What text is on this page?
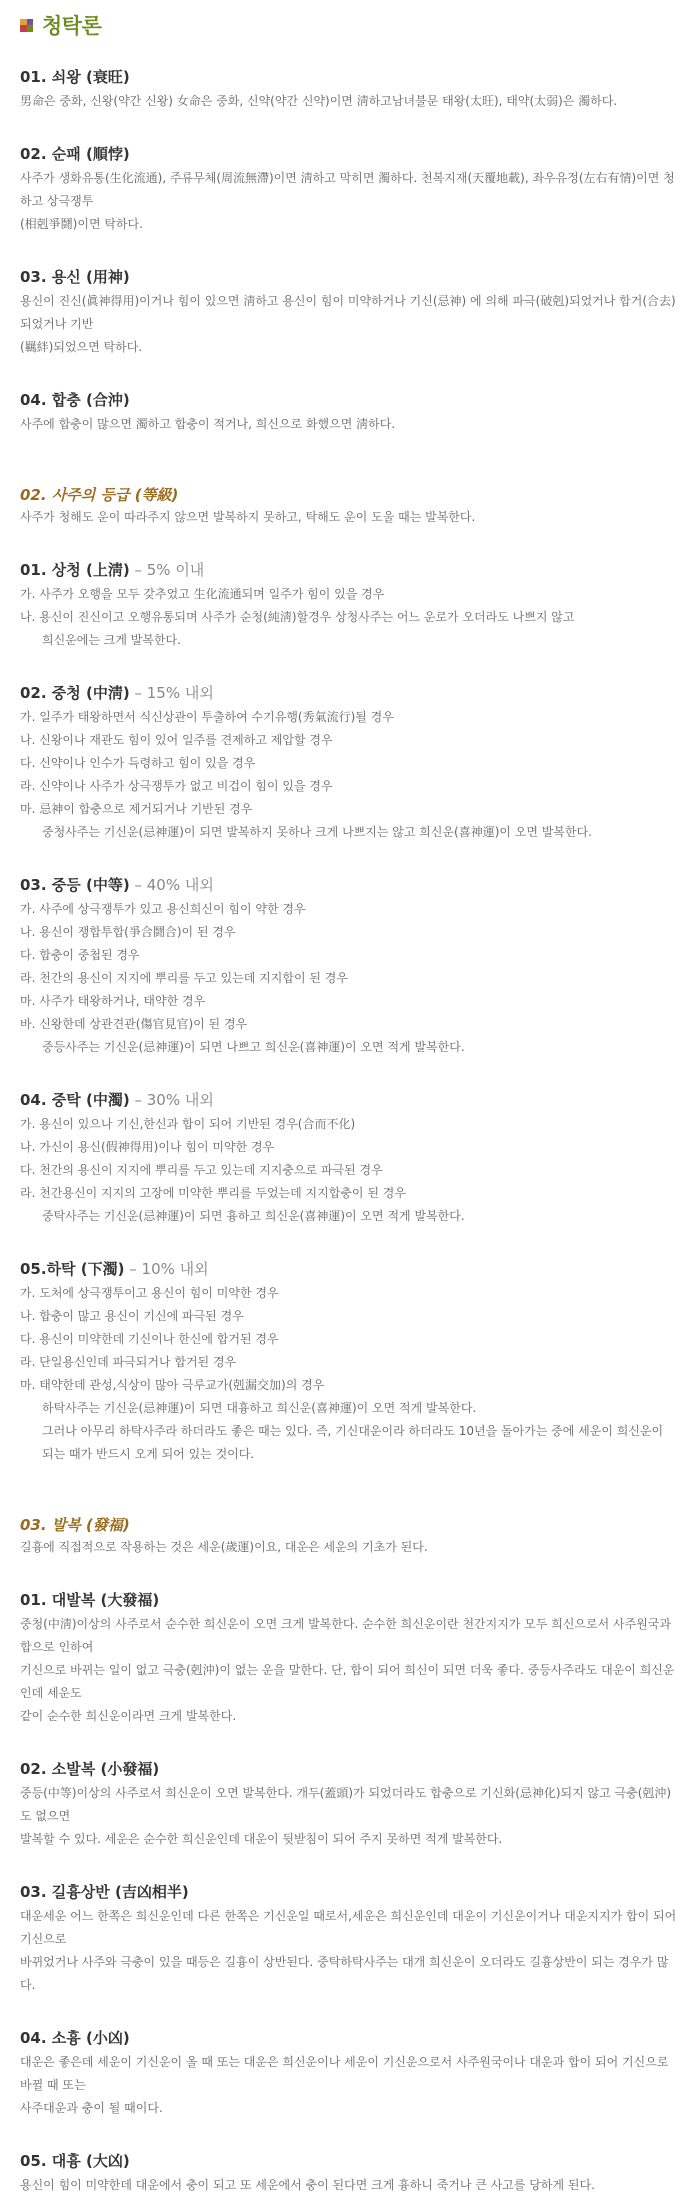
청탁론
01. 쇠왕 (衰旺)

男命은 중화, 신왕(약간 신왕) 女命은 중화, 신약(약간 신약)이면 淸하고남녀불문 태왕(太旺), 태약(太弱)은 濁하다.

02. 순패 (順悖)

사주가 생화유통(生化流通), 주류무체(周流無滯)이면 淸하고 막히면 濁하다. 천복지재(天覆地載), 좌우유정(左右有情)이면 청하고 상극쟁투

(相剋爭鬪)이면 탁하다.

03. 용신 (用神)

용신이 진신(眞神得用)이거나 힘이 있으면 淸하고 용신이 힘이 미약하거나 기신(忌神) 에 의해 파극(破剋)되었거나 합거(合去)되었거나 기반

(羈絆)되었으면 탁하다.

04. 합충 (合沖)

사주에 합충이 많으면 濁하고 합충이 적거나, 희신으로 화했으면 淸하다.

02. 사주의 등급 (等級)

사주가 청해도 운이 따라주지 않으면 발복하지 못하고, 탁해도 운이 도울 때는 발복한다.

01. 상청 (上淸) – 5% 이내

가. 사주가 오행을 모두 갖추었고 生化流通되며 일주가 힘이 있을 경우

나. 용신이 진신이고 오행유통되며 사주가 순청(純淸)할경우 상청사주는 어느 운로가 오더라도 나쁘지 않고

희신운에는 크게 발복한다.

02. 중청 (中淸) – 15% 내외

가. 일주가 태왕하면서 식신상관이 투출하여 수기유행(秀氣流行)될 경우

나. 신왕이나 재관도 힘이 있어 일주를 견제하고 제압할 경우

다. 신약이나 인수가 득령하고 힘이 있을 경우

라. 신약이나 사주가 상극쟁투가 없고 비겁이 힘이 있을 경우

마. 忌神이 합충으로 제거되거나 기반된 경우

중청사주는 기신운(忌神運)이 되면 발복하지 못하나 크게 나쁘지는 않고 희신운(喜神運)이 오면 발복한다.

03. 중등 (中等) – 40% 내외

가. 사주에 상극쟁투가 있고 용신희신이 힘이 약한 경우

나. 용신이 쟁합투합(爭合鬪合)이 된 경우

다. 합충이 중첩된 경우

라. 천간의 용신이 지지에 뿌리를 두고 있는데 지지합이 된 경우

마. 사주가 태왕하거나, 태약한 경우

바. 신왕한데 상관견관(傷官見官)이 된 경우

중등사주는 기신운(忌神運)이 되면 나쁘고 희신운(喜神運)이 오면 적게 발복한다.

04. 중탁 (中濁) – 30% 내외

가. 용신이 있으나 기신,한신과 합이 되어 기반된 경우(合而不化)

나. 가신이 용신(假神得用)이나 힘이 미약한 경우

다. 천간의 용신이 지지에 뿌리를 두고 있는데 지지충으로 파극된 경우

라. 천간용신이 지지의 고장에 미약한 뿌리를 두었는데 지지합충이 된 경우

중탁사주는 기신운(忌神運)이 되면 흉하고 희신운(喜神運)이 오면 적게 발복한다.

05.하탁 (下濁) – 10% 내외

가. 도처에 상극쟁투이고 용신이 힘이 미약한 경우

나. 합충이 많고 용신이 기신에 파극된 경우

다. 용신이 미약한데 기신이나 한신에 합거된 경우

라. 단일용신인데 파극되거나 합거된 경우

마. 태약한데 관성,식상이 많아 극루교가(剋漏交加)의 경우

하탁사주는 기신운(忌神運)이 되면 대흉하고 희신운(喜神運)이 오면 적게 발복한다.

그러나 아무리 하탁사주라 하더라도 좋은 때는 있다. 즉, 기신대운이라 하더라도 10년을 돌아가는 중에 세운이 희신운이

되는 때가 반드시 오게 되어 있는 것이다.

03. 발복 (發福)

길흉에 직접적으로 작용하는 것은 세운(歲運)이요, 대운은 세운의 기초가 된다.

01. 대발복 (大發福)

중청(中淸)이상의 사주로서 순수한 희신운이 오면 크게 발복한다. 순수한 희신운이란 천간지지가 모두 희신으로서 사주원국과 합으로 인하여

기신으로 바뀌는 일이 없고 극충(剋沖)이 없는 운을 말한다. 단, 합이 되어 희신이 되면 더욱 좋다. 중등사주라도 대운이 희신운인데 세운도

같이 순수한 희신운이라면 크게 발복한다.

02. 소발복 (小發福)

중등(中等)이상의 사주로서 희신운이 오면 발복한다. 개두(蓋頭)가 되었더라도 합충으로 기신화(忌神化)되지 않고 극충(剋沖)도 없으면

발복할 수 있다. 세운은 순수한 희신운인데 대운이 뒷받침이 되어 주지 못하면 적게 발복한다.

03. 길흉상반 (吉凶相半)

대운세운 어느 한쪽은 희신운인데 다른 한쪽은 기신운일 때로서,세운은 희신운인데 대운이 기신운이거나 대운지지가 합이 되어 기신으로

바뀌었거나 사주와 극충이 있을 때등은 길흉이 상반된다. 중탁하탁사주는 대개 희신운이 오더라도 길흉상반이 되는 경우가 많다.

04. 소흉 (小凶)

대운은 좋은데 세운이 기신운이 올 때 또는 대운은 희신운이나 세운이 기신운으로서 사주원국이나 대운과 합이 되어 기신으로 바뀔 때 또는

사주대운과 충이 될 때이다.

05. 대흉 (大凶)

용신이 힘이 미약한데 대운에서 충이 되고 또 세운에서 충이 된다면 크게 흉하니 죽거나 큰 사고를 당하게 된다.
